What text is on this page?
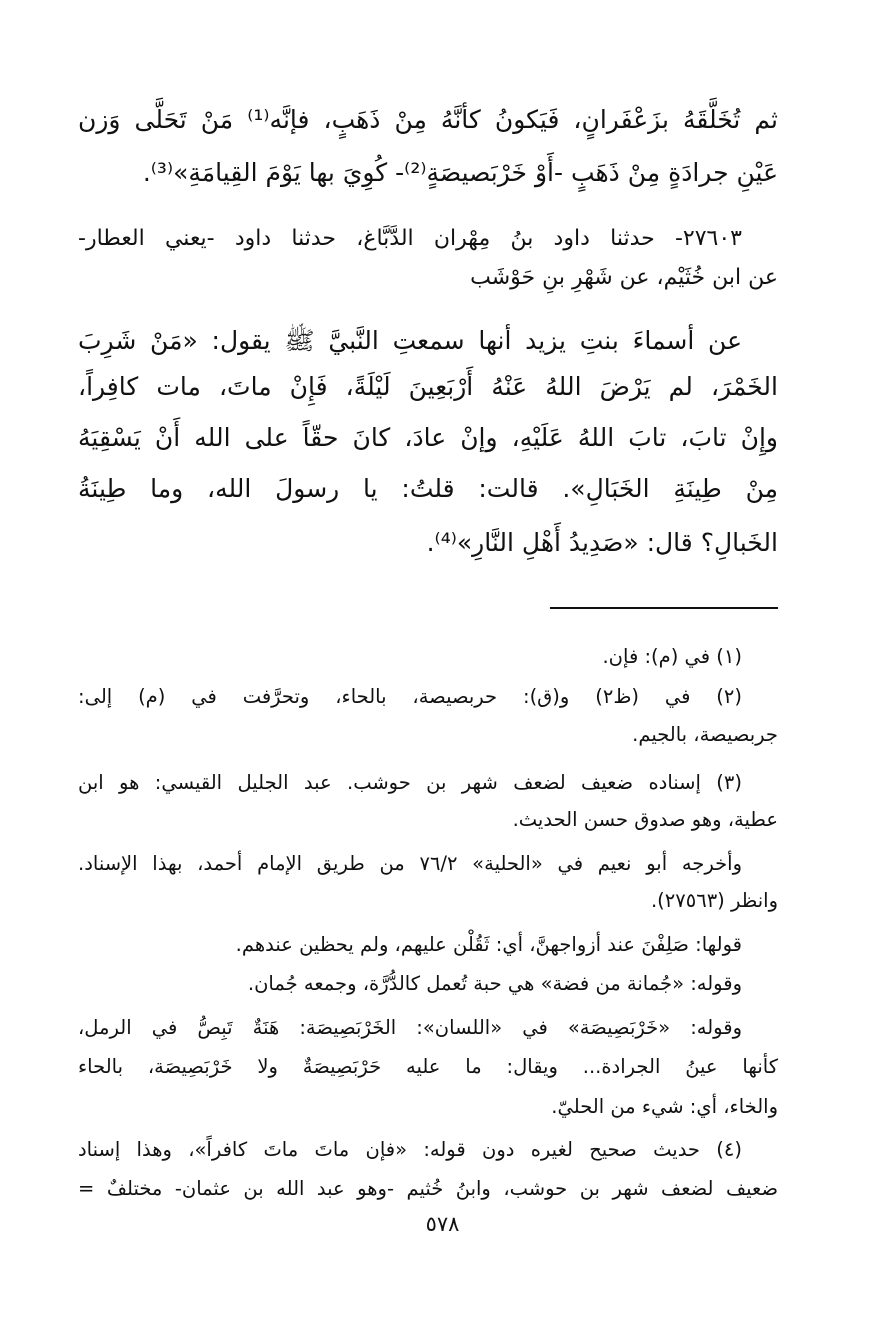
ثم تُخَلَّقَهُ بزَعْفَرانٍ، فَيَكونُ كأنَّهُ مِنْ ذَهَبٍ، فإنَّه⁽¹⁾ مَنْ تَحَلَّى وَزن
عَيْنِ جرادَةٍ مِنْ ذَهَبٍ -أَوْ خَرْبَصيصَةٍ⁽²⁾- كُوِيَ بها يَوْمَ القِيامَةِ»⁽³⁾.
٢٧٦٠٣- حدثنا داود بنُ مِهْران الدَّبَّاغ، حدثنا داود -يعني العطار-
عن ابن خُثَيْم، عن شَهْرِ بنِ حَوْشَب
عن أسماءَ بنتِ يزيد أنها سمعتِ النَّبيَّ ﷺ يقول: «مَنْ شَرِبَ
الخَمْرَ، لم يَرْضَ اللهُ عَنْهُ أَرْبَعِينَ لَيْلَةً، فَإِنْ ماتَ، مات كافِراً،
وإِنْ تابَ، تابَ اللهُ عَلَيْهِ، وإنْ عادَ، كانَ حقّاً على الله أَنْ يَسْقِيَهُ
مِنْ طِينَةِ الخَبَالِ». قالت: قلتُ: يا رسولَ الله، وما طِينَةُ
الخَبالِ؟ قال: «صَدِيدُ أَهْلِ النَّارِ»⁽⁴⁾.
(١) في (م): فإن.
(٢) في (ظ٢) و(ق): حربصيصة، بالحاء، وتحرَّفت في (م) إلى:
جربصيصة، بالجيم.
(٣) إسناده ضعيف لضعف شهر بن حوشب. عبد الجليل القيسي: هو ابن
عطية، وهو صدوق حسن الحديث.
وأخرجه أبو نعيم في «الحلية» ٧٦/٢ من طريق الإمام أحمد، بهذا الإسناد.
وانظر (٢٧٥٦٣).
قولها: صَلِفْنَ عند أزواجهنَّ، أي: ثَقُلْن عليهم، ولم يحظين عندهم.
وقوله: «جُمانة من فضة» هي حبة تُعمل كالدُّرَّة، وجمعه جُمان.
وقوله: «خَرْبَصِيصَة» في «اللسان»: الخَرْبَصِيصَة: هَنَةٌ تَبِصُّ في الرمل،
كأنها عينُ الجرادة... ويقال: ما عليه حَرْبَصِيصَةٌ ولا خَرْبَصِيصَة، بالحاء
والخاء، أي: شيء من الحليّ.
(٤) حديث صحيح لغيره دون قوله: «فإن ماتَ ماتَ كافراً»، وهذا إسناد
ضعيف لضعف شهر بن حوشب، وابنُ خُثيم -وهو عبد الله بن عثمان- مختلفٌ =
٥٧٨
